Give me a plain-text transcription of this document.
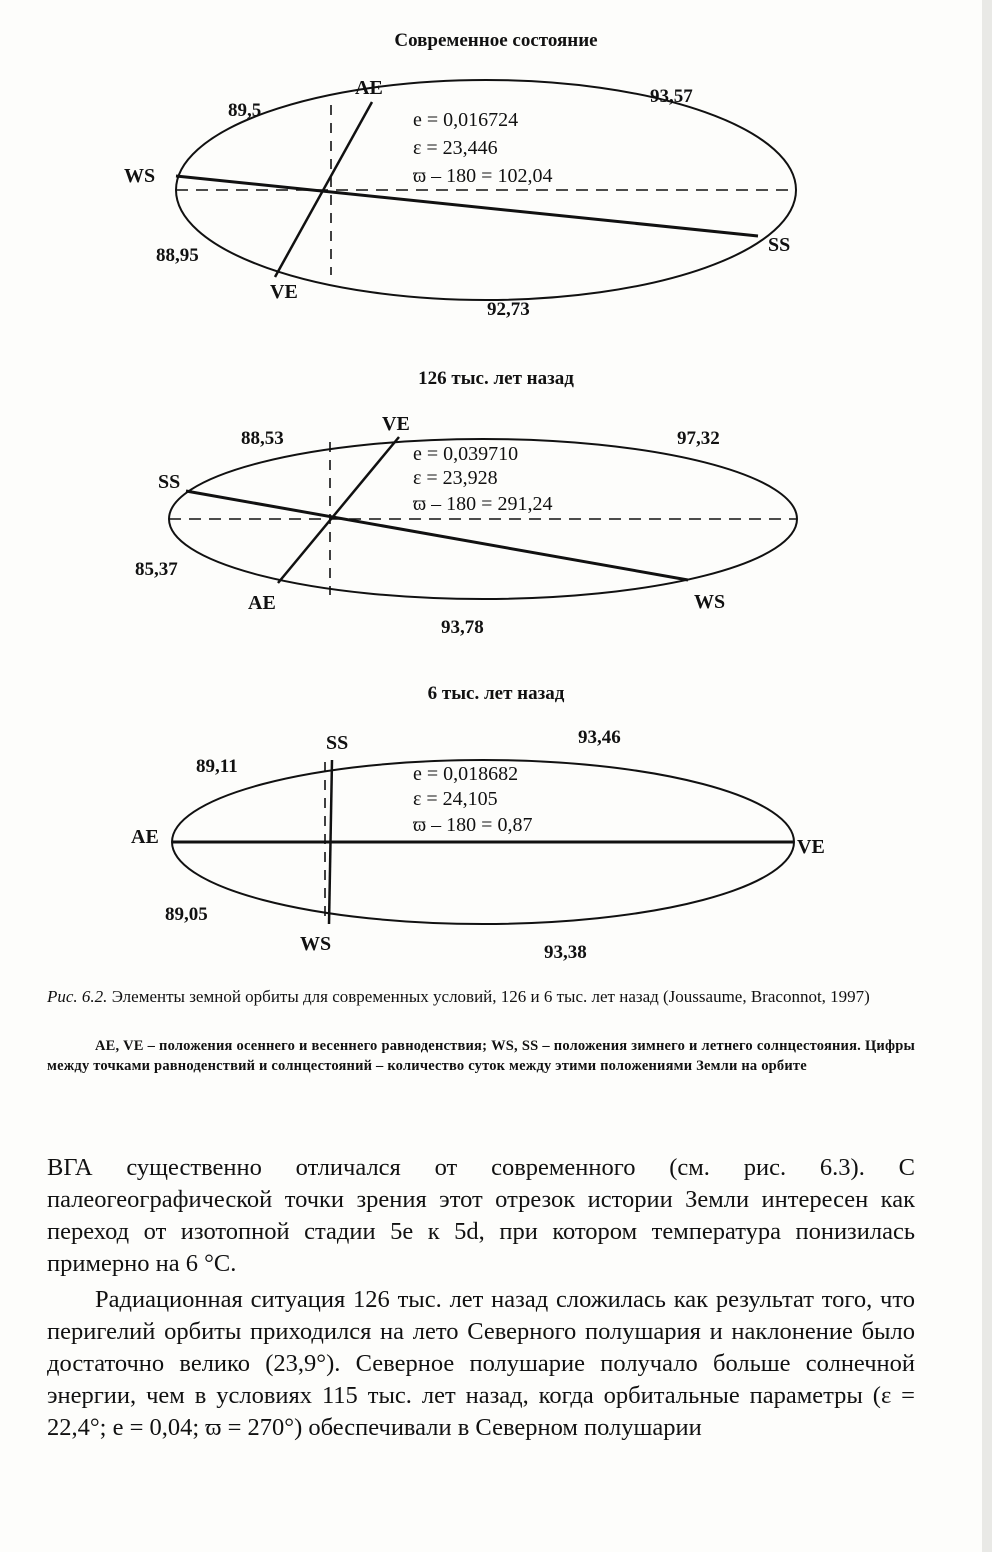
Современное состояние
AE
VE
WS
SS
89,5
93,57
88,95
92,73
e = 0,016724
ε = 23,446
ϖ – 180 = 102,04
126 тыс. лет назад
VE
AE
SS
WS
88,53	97,32
85,37
93,78
e = 0,039710
ε = 23,928
ϖ – 180 = 291,24
6 тыс. лет назад
SS
WS
AE	VE
89,11
93,46
89,05
93,38
e = 0,018682
ε = 24,105
ϖ – 180 = 0,87
Рис. 6.2. Элементы земной орбиты для современных условий, 126 и 6 тыс. лет назад (Joussaume, Braconnot, 1997)
AE, VE – положения осеннего и весеннего равноденствия; WS, SS – положения зимнего и летнего солнцестояния. Цифры между точками равноденствий и солнцестояний – количество суток между этими положениями Земли на орбите

ВГА существенно отличался от современного (см. рис. 6.3). С палеогеографической точки зрения этот отрезок истории Земли интересен как переход от изотопной стадии 5e к 5d, при котором температура понизилась примерно на 6 °C.

Радиационная ситуация 126 тыс. лет назад сложилась как результат того, что перигелий орбиты приходился на лето Северного полушария и наклонение было достаточно велико (23,9°). Северное полушарие получало больше солнечной энергии, чем в условиях 115 тыс. лет назад, когда орбитальные параметры (ε = 22,4°; e = 0,04; ϖ = 270°) обеспечивали в Северном полушарии
